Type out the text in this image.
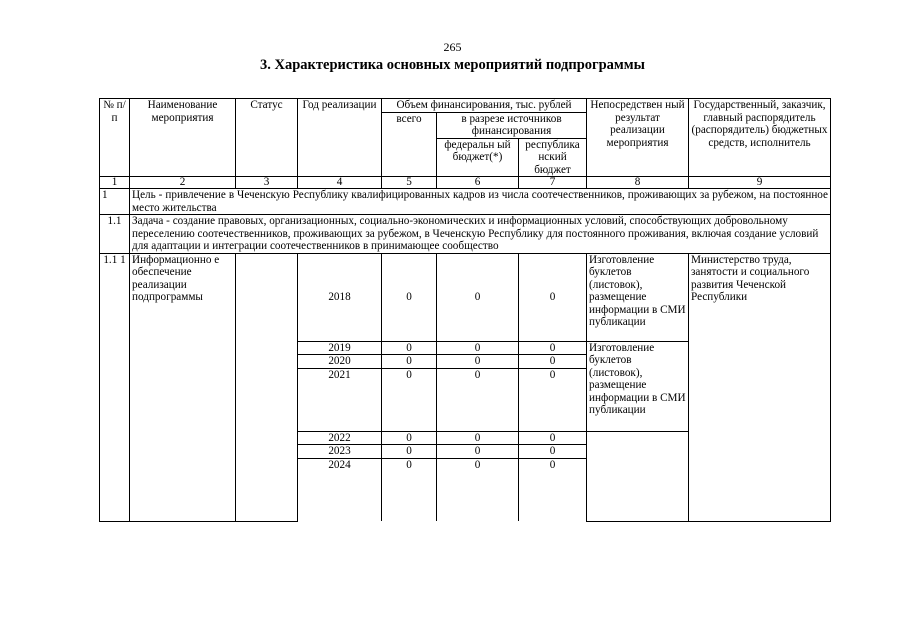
265
3. Характеристика основных мероприятий подпрограммы
№ п/п	Наименование мероприятия	Статус	Год реализации	Объем финансирования, тыс. рублей			Непосредствен ный результат реализации мероприятия	Государственный, заказчик, главный распорядитель (распорядитель) бюджетных средств, исполнитель
				всего	в разрезе источников финансирования			
					федеральн ый бюджет(*)	республика нский бюджет		
1	2	3	4	5	6	7	8	9
1	Цель - привлечение в Чеченскую Республику квалифицированных кадров из числа соотечественников, проживающих за рубежом, на постоянное место жительства							
1.1	Задача - создание правовых, организационных, социально-экономических и информационных условий, способствующих добровольному переселению соотечественников, проживающих за рубежом, в Чеченскую Республику для постоянного проживания, включая создание условий для адаптации и интеграции соотечественников в принимающее сообщество							
1.1 1	Информационно е обеспечение реализации подпрограммы		2018	0	0	0	Изготовление буклетов (листовок), размещение информации в СМИ публикации	Министерство труда, занятости и социального развития Чеченской Республики
			2019	0	0	0	Изготовление буклетов (листовок), размещение информации в СМИ публикации	
			2020	0	0	0		
			2021	0	0	0		
			2022	0	0	0		
			2023	0	0	0		
			2024	0	0	0		
